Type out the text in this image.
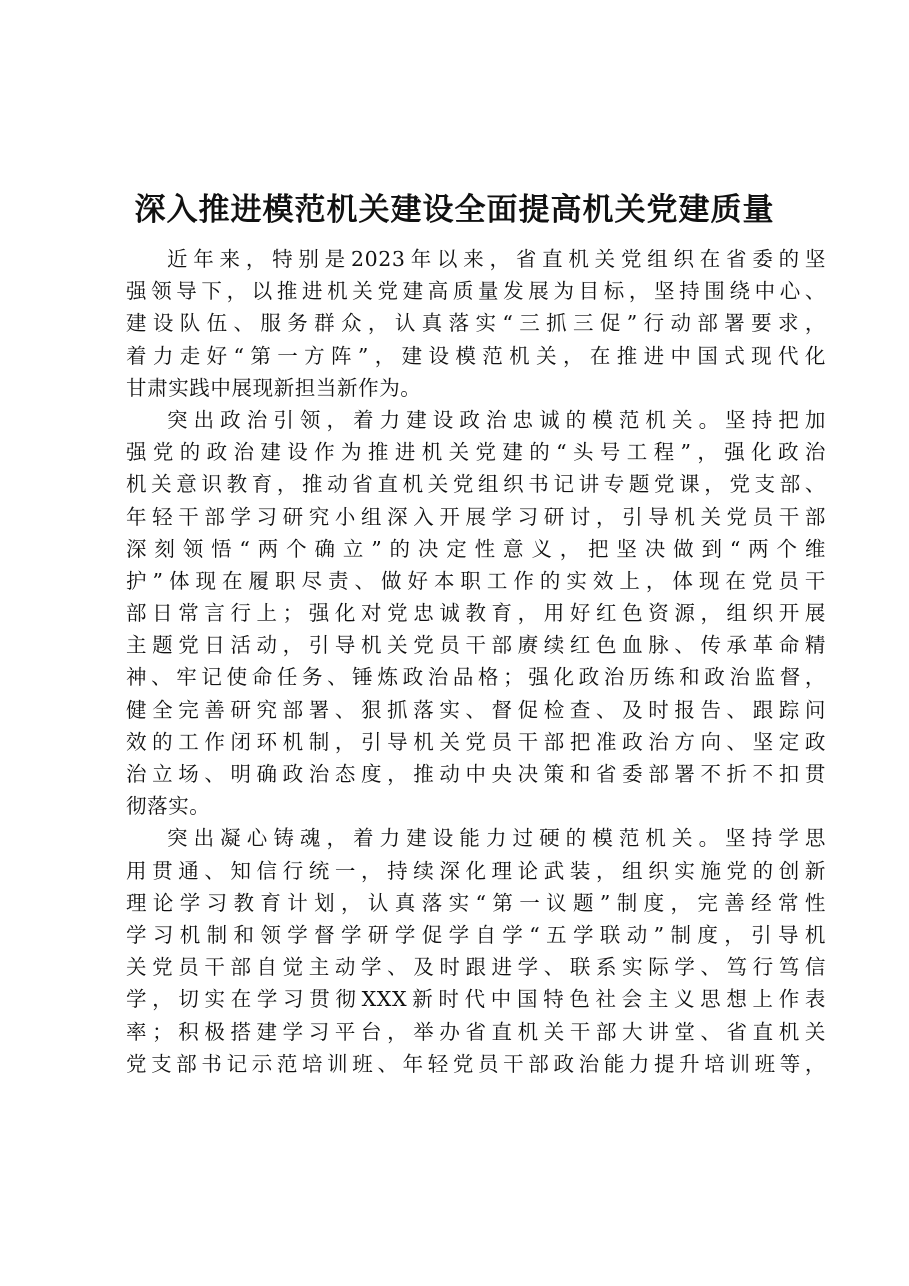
深入推进模范机关建设全面提高机关党建质量
近年来，特别是2023年以来，省直机关党组织在省委的坚
强领导下，以推进机关党建高质量发展为目标，坚持围绕中心、
建设队伍、服务群众，认真落实“三抓三促”行动部署要求，
着力走好“第一方阵”，建设模范机关，在推进中国式现代化
甘肃实践中展现新担当新作为。
突出政治引领，着力建设政治忠诚的模范机关。坚持把加
强党的政治建设作为推进机关党建的“头号工程”，强化政治
机关意识教育，推动省直机关党组织书记讲专题党课，党支部、
年轻干部学习研究小组深入开展学习研讨，引导机关党员干部
深刻领悟“两个确立”的决定性意义，把坚决做到“两个维
护”体现在履职尽责、做好本职工作的实效上，体现在党员干
部日常言行上；强化对党忠诚教育，用好红色资源，组织开展
主题党日活动，引导机关党员干部赓续红色血脉、传承革命精
神、牢记使命任务、锤炼政治品格；强化政治历练和政治监督，
健全完善研究部署、狠抓落实、督促检查、及时报告、跟踪问
效的工作闭环机制，引导机关党员干部把准政治方向、坚定政
治立场、明确政治态度，推动中央决策和省委部署不折不扣贯
彻落实。
突出凝心铸魂，着力建设能力过硬的模范机关。坚持学思
用贯通、知信行统一，持续深化理论武装，组织实施党的创新
理论学习教育计划，认真落实“第一议题”制度，完善经常性
学习机制和领学督学研学促学自学“五学联动”制度，引导机
关党员干部自觉主动学、及时跟进学、联系实际学、笃行笃信
学，切实在学习贯彻XXX新时代中国特色社会主义思想上作表
率；积极搭建学习平台，举办省直机关干部大讲堂、省直机关
党支部书记示范培训班、年轻党员干部政治能力提升培训班等，
